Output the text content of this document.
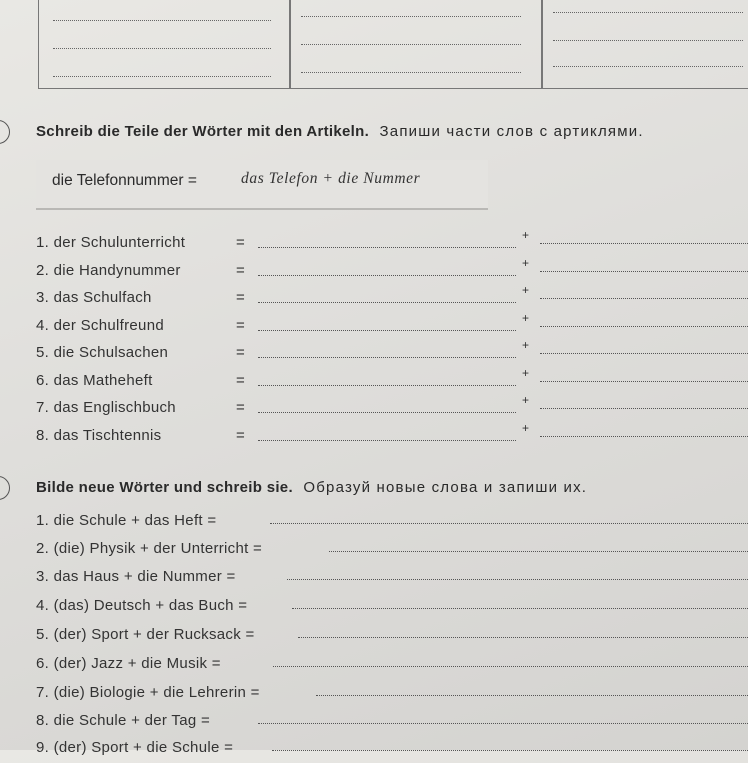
Schreib die Teile der Wörter mit den Artikeln. Запиши части слов с артиклями.
die Telefonnummer =	das Telefon + die Nummer
1. der Schulunterricht	=	+
2. die Handynummer	=	+
3. das Schulfach	=	+
4. der Schulfreund	=	+
5. die Schulsachen	=	+
6. das Matheheft	=	+
7. das Englischbuch	=	+
8. das Tischtennis	=	+
Bilde neue Wörter und schreib sie. Образуй новые слова и запиши их.
1. die Schule + das Heft =
2. (die) Physik + der Unterricht =
3. das Haus + die Nummer =
4. (das) Deutsch + das Buch =
5. (der) Sport + der Rucksack =
6. (der) Jazz + die Musik =
7. (die) Biologie + die Lehrerin =
8. die Schule + der Tag =
9. (der) Sport + die Schule =
